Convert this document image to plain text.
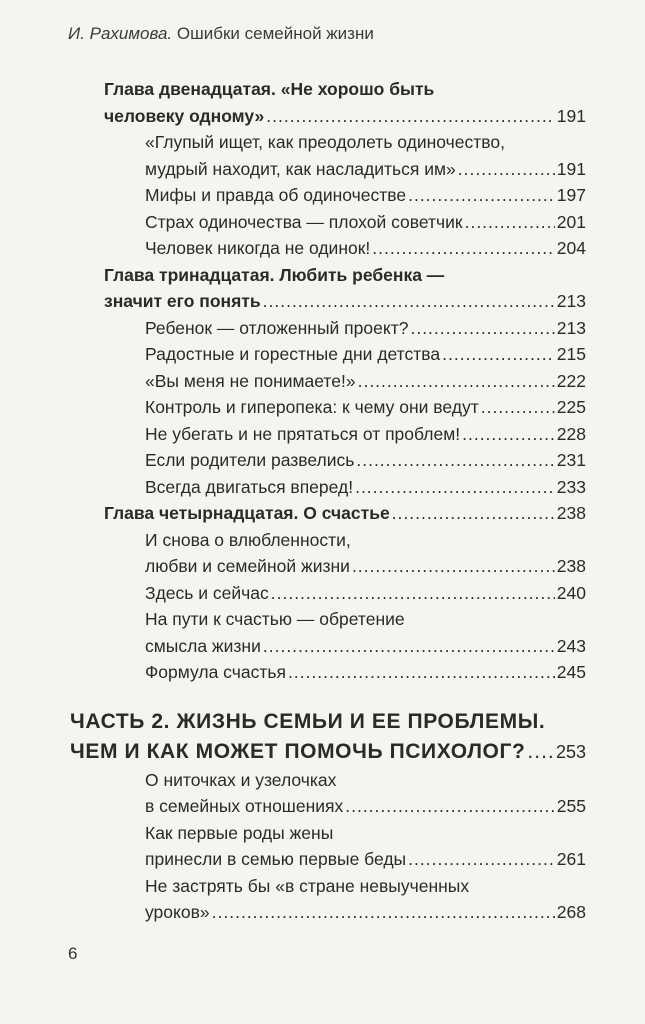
И. Рахимова. Ошибки семейной жизни
Глава двенадцатая. «Не хорошо быть
человеку одному» .....	191
«Глупый ищет, как преодолеть одиночество,
мудрый находит, как насладиться им» .....	191
Мифы и правда об одиночестве .....	197
Страх одиночества — плохой советчик .....	201
Человек никогда не одинок! .....	204
Глава тринадцатая. Любить ребенка —
значит его понять .....	213
Ребенок — отложенный проект? .....	213
Радостные и горестные дни детства .....	215
«Вы меня не понимаете!» .....	222
Контроль и гиперопека: к чему они ведут .....	225
Не убегать и не прятаться от проблем! .....	228
Если родители развелись .....	231
Всегда двигаться вперед! .....	233
Глава четырнадцатая. О счастье .....	238
И снова о влюбленности,
любви и семейной жизни .....	238
Здесь и сейчас .....	240
На пути к счастью — обретение
смысла жизни .....	243
Формула счастья .....	245
ЧАСТЬ 2. ЖИЗНЬ СЕМЬИ И ЕЕ ПРОБЛЕМЫ.
ЧЕМ И КАК МОЖЕТ ПОМОЧЬ ПСИХОЛОГ? ..... 253
О ниточках и узелочках
в семейных отношениях .....	255
Как первые роды жены
принесли в семью первые беды .....	261
Не застрять бы «в стране невыученных
уроков» .....	268
6
